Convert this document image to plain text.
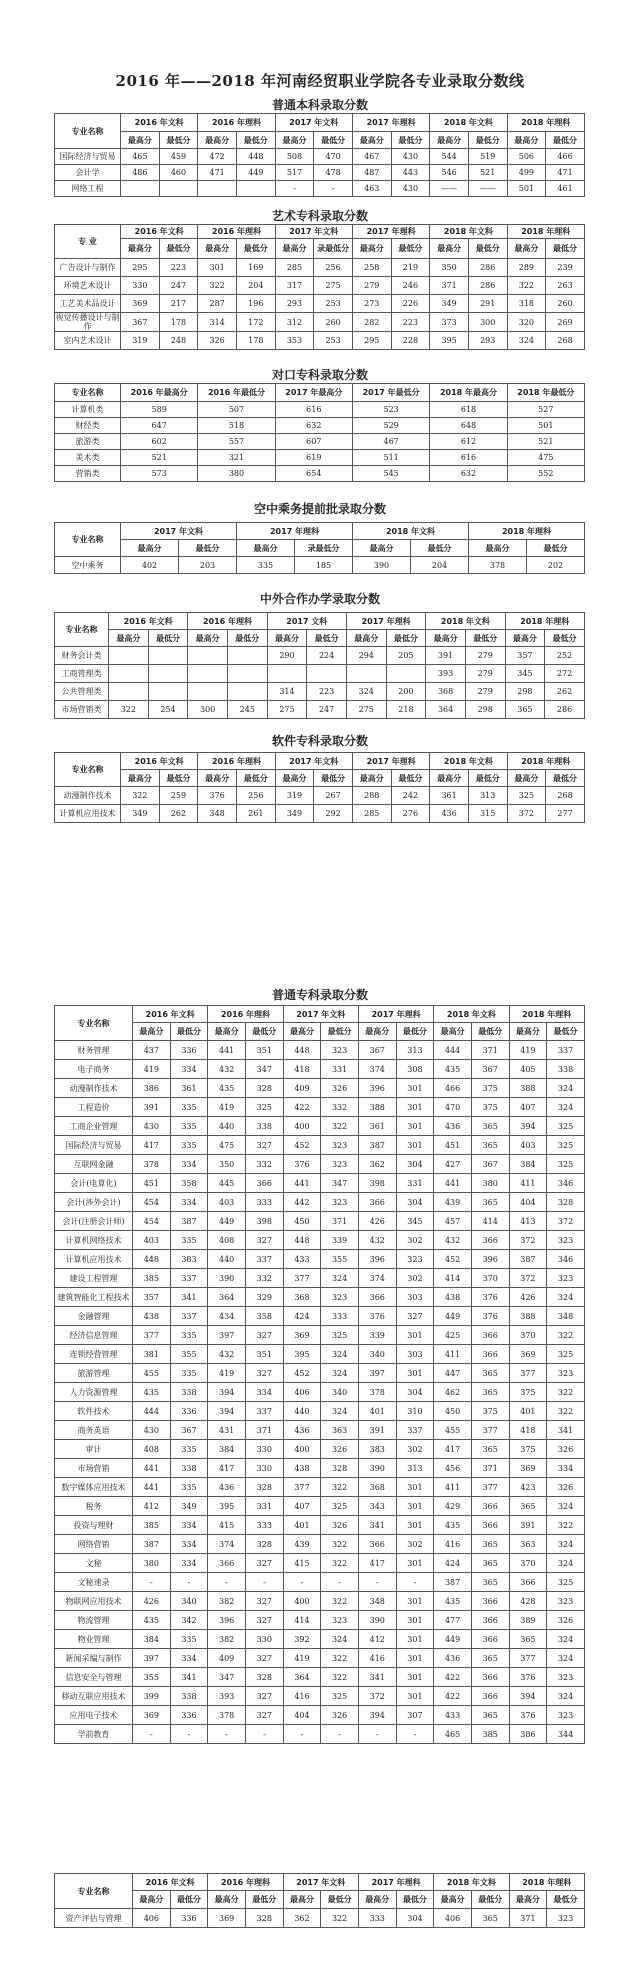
2016 年——2018 年河南经贸职业学院各专业录取分数线
普通本科录取分数
专业名称	2016 年文科		2016 年理科		2017 年文科		2017 年理科		2018 年文科		2018 年理科	
	最高分	最低分	最高分	最低分	最高分	最低分	最高分	最低分	最高分	最低分	最高分	最低分
国际经济与贸易	465	459	472	448	508	470	467	430	544	519	506	466
会计学	486	460	471	449	517	478	487	443	546	521	499	471
网络工程					-	-	463	430	——	——	501	461
艺术专科录取分数
专 业	2016 年文科		2016 年理科		2017 年文科		2017 年理科		2018 年文科		2018 年理科	
	最高分	最低分	最高分	最低分	最高分	录最低分	最高分	最低分	最高分	最低分	最高分	最低分
广告设计与制作	295	223	301	169	285	256	258	219	350	286	289	239
环境艺术设计	330	247	322	204	317	275	279	246	371	286	322	263
工艺美术品设计	369	217	287	196	293	253	273	226	349	291	318	260
视觉传播设计与制作	367	178	314	172	312	260	282	223	373	300	320	269
室内艺术设计	319	248	326	178	353	253	295	228	395	293	324	268
对口专科录取分数
专业名称	2016 年最高分	2016 年最低分	2017 年最高分	2017 年最低分	2018 年最高分	2018 年最低分
计算机类	589	507	616	523	618	527
财经类	647	518	632	529	648	501
旅游类	602	557	607	467	612	521
美术类	521	321	619	511	616	475
营销类	573	380	654	545	632	552
空中乘务提前批录取分数
专业名称	2017 年文科		2017 年理科		2018 年文科		2018 年理科	
	最高分	最低分	最高分	录最低分	最高分	最低分	最高分	最低分
空中乘务	402	203	335	185	390	204	378	202
中外合作办学录取分数
专业名称	2016 年文科		2016 年理科		2017 文科		2017 年理科		2018 年文科		2018 年理科	
	最高分	最低分	最高分	最低分	最高分	最低分	最高分	最低分	最高分	最低分	最高分	最低分
财务会计类					290	224	294	205	391	279	357	252
工商管理类									393	279	345	272
公共管理类					314	223	324	200	368	279	298	262
市场营销类	322	254	300	245	275	247	275	218	364	298	365	286
软件专科录取分数
专业名称	2016 年文科		2016 年理科		2017 年文科		2017 年理科		2018 年文科		2018 年理科	
	最高分	最低分	最高分	最低分	最高分	最低分	最高分	最低分	最高分	最低分	最高分	最低分
动漫制作技术	322	259	376	256	319	267	288	242	361	313	325	268
计算机应用技术	349	262	348	261	349	292	285	276	436	315	372	277
普通专科录取分数
专业名称	2016 年文科		2016 年理科		2017 年文科		2017 年理科		2018 年文科		2018 年理科	
	最高分	最低分	最高分	最低分	最高分	最低分	最高分	最低分	最高分	最低分	最高分	最低分
财务管理	437	336	441	351	448	323	367	313	444	371	419	337
电子商务	419	334	432	347	418	331	374	308	435	367	405	338
动漫制作技术	386	361	435	328	409	326	396	301	466	375	388	324
工程造价	391	335	419	325	422	332	388	301	470	375	407	324
工商企业管理	430	335	440	338	400	322	361	301	436	365	394	325
国际经济与贸易	417	335	475	327	452	323	387	301	451	365	403	325
互联网金融	378	334	350	332	376	323	362	304	427	367	384	325
会计(电算化)	451	358	445	366	441	347	398	331	441	380	411	346
会计(涉外会计)	454	334	403	333	442	323	366	304	439	365	404	328
会计(注册会计师)	454	387	449	398	450	371	426	345	457	414	413	372
计算机网络技术	403	335	408	327	448	339	432	302	432	366	372	323
计算机应用技术	448	383	440	337	433	355	396	323	452	396	387	346
建设工程管理	385	337	390	332	377	324	374	302	414	370	372	323
建筑智能化工程技术	357	341	364	329	368	323	366	303	438	376	426	324
金融管理	438	337	434	358	424	333	376	327	449	376	388	348
经济信息管理	377	335	397	327	369	325	339	301	425	366	370	322
连锁经营管理	381	355	432	351	395	324	340	303	411	366	369	325
旅游管理	455	335	419	327	452	324	397	301	447	365	377	323
人力资源管理	435	338	394	334	406	340	378	304	462	365	375	322
软件技术	444	336	394	337	440	324	401	310	450	375	401	322
商务英语	430	367	431	371	436	363	391	337	455	377	418	341
审计	408	335	384	330	400	326	383	302	417	365	375	326
市场营销	441	338	417	330	438	328	390	313	456	371	369	334
数字媒体应用技术	441	335	436	328	377	322	368	301	411	377	423	326
税务	412	349	395	331	407	325	343	301	429	366	365	324
投资与理财	385	334	415	333	401	326	341	301	435	366	391	322
网络营销	387	334	374	328	439	322	366	302	416	365	363	324
文秘	380	334	366	327	415	322	417	301	424	365	370	324
文秘速录	-	-	-	-	-	-	-	-	387	365	366	325
物联网应用技术	426	340	382	327	400	322	348	301	435	366	428	323
物流管理	435	342	396	327	414	323	390	301	477	366	389	326
物业管理	384	335	382	330	392	324	412	301	449	366	365	324
新闻采编与制作	397	334	409	327	419	322	416	301	436	365	377	324
信息安全与管理	355	341	347	328	364	322	341	301	422	366	376	323
移动互联应用技术	399	338	393	327	416	325	372	301	422	366	394	324
应用电子技术	369	336	378	327	404	326	394	307	433	365	376	323
学前教育	-	-	-	-	-	-	-	-	465	385	386	344
专业名称	2016 年文科		2016 年理科		2017 年文科		2017 年理科		2018 年文科		2018 年理科	
	最高分	最低分	最高分	最低分	最高分	最低分	最高分	最低分	最高分	最低分	最高分	最低分
资产评估与管理	406	336	369	328	362	322	333	304	406	365	371	323
